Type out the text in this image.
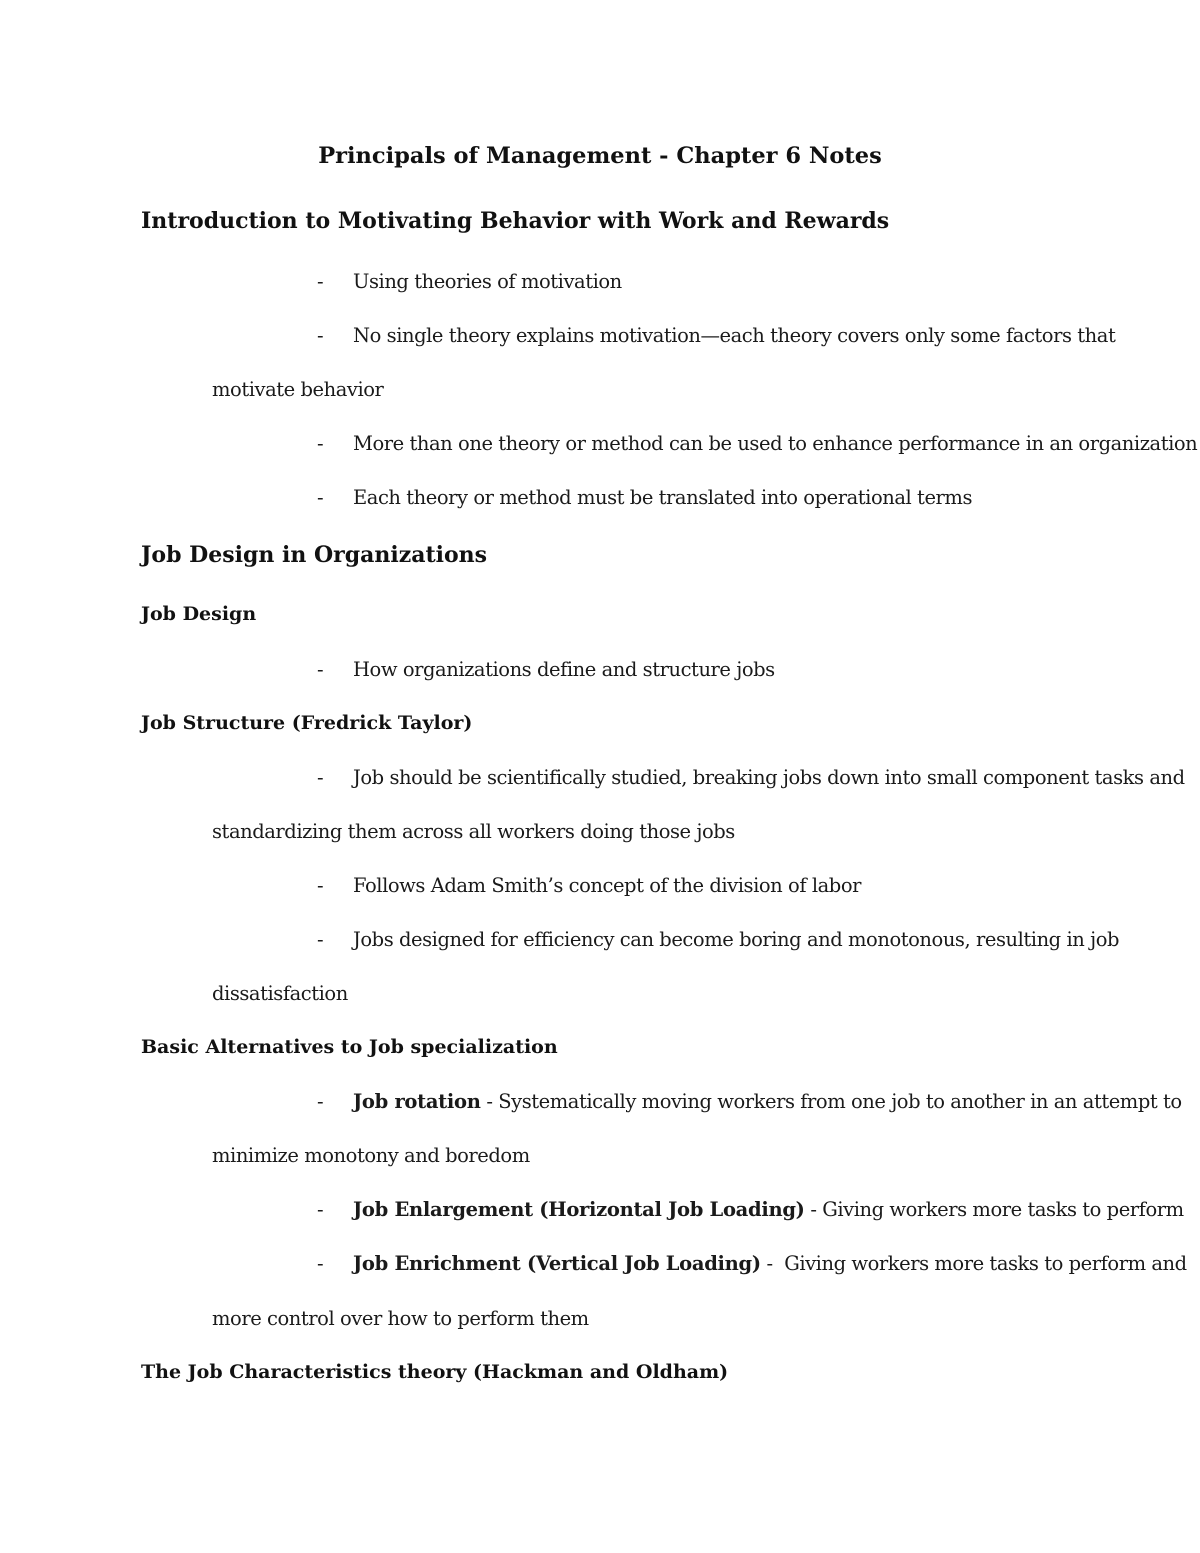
Principals of Management - Chapter 6 Notes
Introduction to Motivating Behavior with Work and Rewards
- Using theories of motivation
- No single theory explains motivation—each theory covers only some factors that
motivate behavior
- More than one theory or method can be used to enhance performance in an organization
- Each theory or method must be translated into operational terms
Job Design in Organizations
Job Design
- How organizations define and structure jobs
Job Structure (Fredrick Taylor)
- Job should be scientifically studied, breaking jobs down into small component tasks and
standardizing them across all workers doing those jobs
- Follows Adam Smith’s concept of the division of labor
- Jobs designed for efficiency can become boring and monotonous, resulting in job
dissatisfaction
Basic Alternatives to Job specialization
- Job rotation - Systematically moving workers from one job to another in an attempt to
minimize monotony and boredom
- Job Enlargement (Horizontal Job Loading) - Giving workers more tasks to perform
- Job Enrichment (Vertical Job Loading) -  Giving workers more tasks to perform and
more control over how to perform them
The Job Characteristics theory (Hackman and Oldham)
